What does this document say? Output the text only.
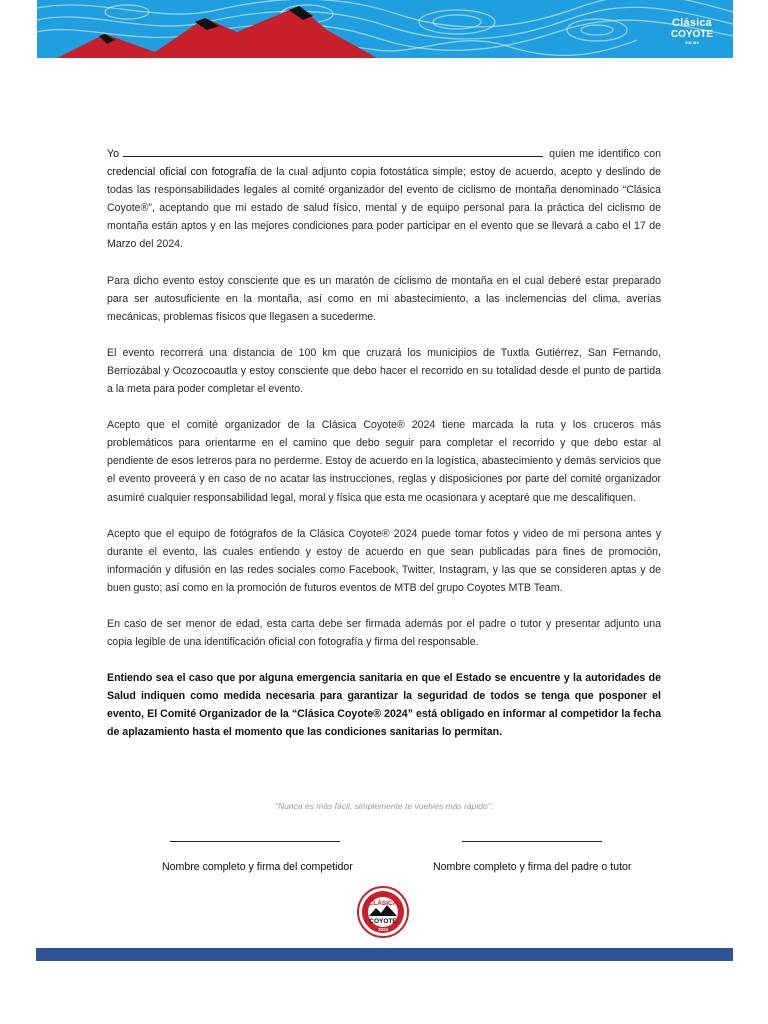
Clásica
COYOTE
202 MX

Yo	quien me identifico con credencial oficial con fotografía de la cual adjunto copia fotostática simple; estoy de acuerdo, acepto y deslindo de todas las responsabilidades legales al comité organizador del evento de ciclismo de montaña denominado “Clásica Coyote®”, aceptando que mi estado de salud físico, mental y de equipo personal para la práctica del ciclismo de montaña están aptos y en las mejores condiciones para poder participar en el evento que se llevará a cabo el 17 de Marzo del 2024.

Para dicho evento estoy consciente que es un maratón de ciclismo de montaña en el cual deberé estar preparado para ser autosuficiente en la montaña, así como en mi abastecimiento, a las inclemencias del clima, averías mecánicas, problemas físicos que llegasen a sucederme.

El evento recorrerá una distancia de 100 km que cruzará los municipios de Tuxtla Gutiérrez, San Fernando, Berriozábal y Ocozocoautla y estoy consciente que debo hacer el recorrido en su totalidad desde el punto de partida a la meta para poder completar el evento.

Acepto que el comité organizador de la Clásica Coyote® 2024 tiene marcada la ruta y los cruceros más problemáticos para orientarme en el camino que debo seguir para completar el recorrido y que debo estar al pendiente de esos letreros para no perderme. Estoy de acuerdo en la logística, abastecimiento y demás servicios que el evento proveerá y en caso de no acatar las instrucciones, reglas y disposiciones por parte del comité organizador asumiré cualquier responsabilidad legal, moral y física que esta me ocasionara y aceptaré que me descalifiquen.

Acepto que el equipo de fotógrafos de la Clásica Coyote® 2024 puede tomar fotos y video de mi persona antes y durante el evento, las cuales entiendo y estoy de acuerdo en que sean publicadas para fines de promoción, información y difusión en las redes sociales como Facebook, Twitter, Instagram, y las que se consideren aptas y de buen gusto; así como en la promoción de futuros eventos de MTB del grupo Coyotes MTB Team.

En caso de ser menor de edad, esta carta debe ser firmada además por el padre o tutor y presentar adjunto una copia legible de una identificación oficial con fotografía y firma del responsable.

Entiendo sea el caso que por alguna emergencia sanitaria en que el Estado se encuentre y la autoridades de Salud indiquen como medida necesaria para garantizar la seguridad de todos se tenga que posponer el evento, El Comité Organizador de la “Clásica Coyote® 2024” está obligado en informar al competidor la fecha de aplazamiento hasta el momento que las condiciones sanitarias lo permitan.

“Nunca es más fácil, simplemente te vuelves más rápido”.
Nombre completo y firma del competidor	Nombre completo y firma del padre o tutor
CLÁSICA
COYOTE
2024
